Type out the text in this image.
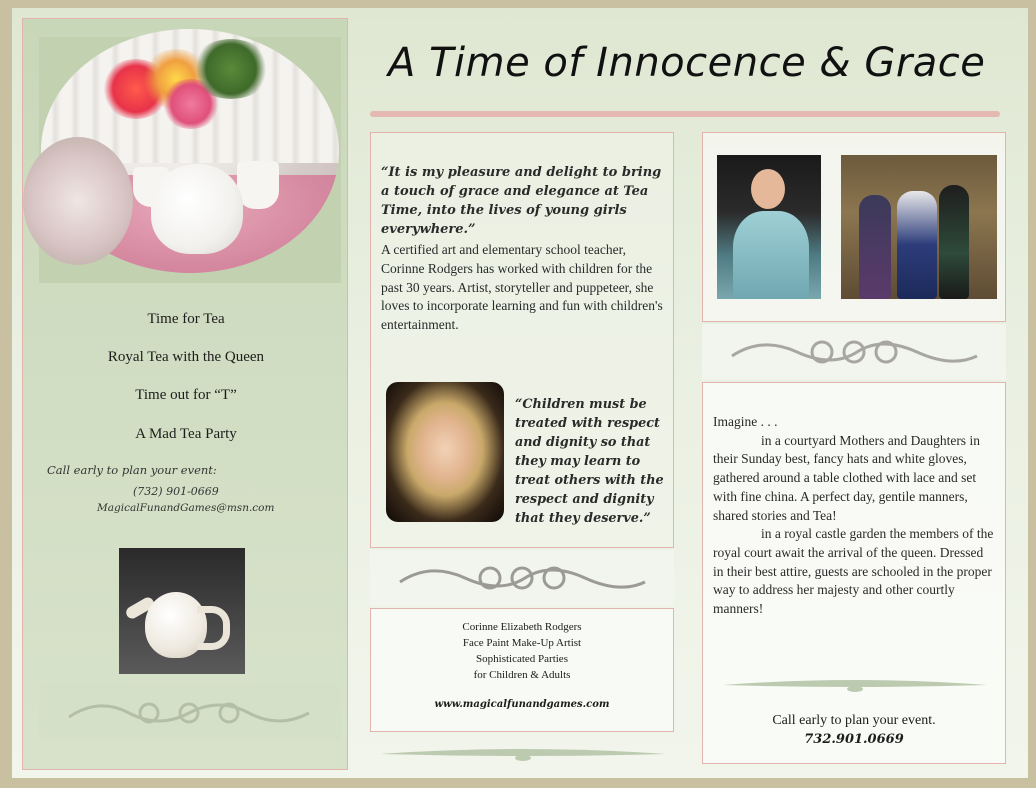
Time for Tea
Royal Tea with the Queen
Time out for “T”
A Mad Tea Party
Call early to plan your event:
(732) 901-0669
MagicalFunandGames@msn.com
A Time of Innocence & Grace
“It is my pleasure and delight to bring a touch of grace and elegance at Tea Time, into the lives of young girls everywhere.”
A certified art and elementary school teacher, Corinne Rodgers has worked with children for the past 30 years. Artist, storyteller and puppeteer, she loves to incorporate learning and fun with children's entertainment.
“Children must be treated with respect and dignity so that they may learn to treat others with the respect and dignity that they deserve.”
Corinne Elizabeth Rodgers
Face Paint Make-Up Artist
Sophisticated Parties
for Children & Adults
www.magicalfunandgames.com

Imagine . . .

in a courtyard Mothers and Daughters in their Sunday best, fancy hats and white gloves, gathered around a table clothed with lace and set with fine china. A perfect day, gentile manners, shared stories and Tea!

in a royal castle garden the members of the royal court await the arrival of the queen. Dressed in their best attire, guests are schooled in the proper way to address her majesty and other courtly manners!

Call early to plan your event.
732.901.0669
